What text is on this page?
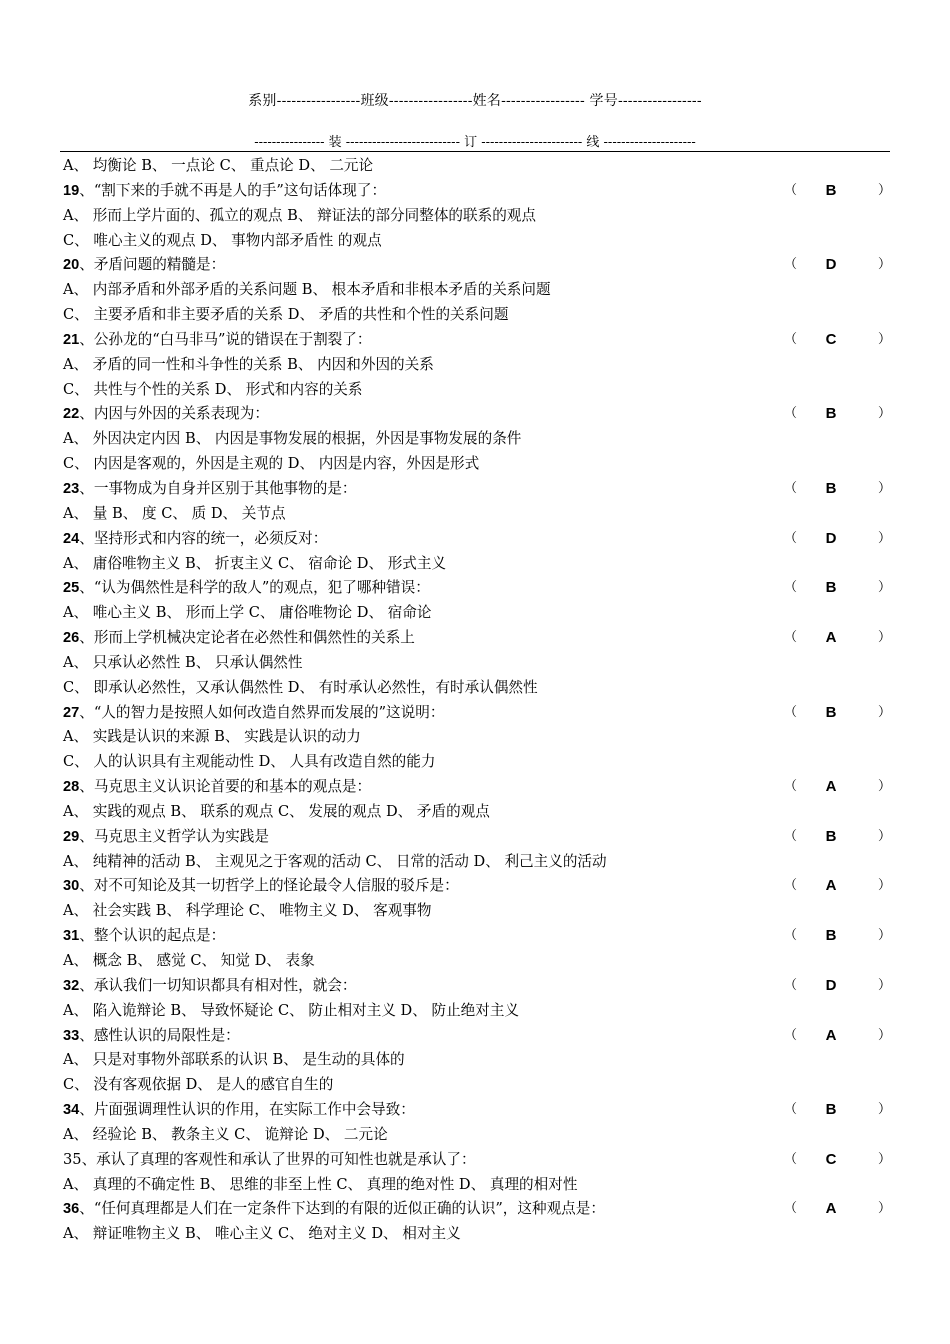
系别-----------------班级-----------------姓名----------------- 学号-----------------
---------------- 装 -------------------------- 订 ----------------------- 线 ---------------------
A、 均衡论 B、 一点论 C、 重点论 D、 二元论
19、“割下来的手就不再是人的手”这句话体现了：	（ B	）
A、 形而上学片面的、孤立的观点 B、 辩证法的部分同整体的联系的观点
C、 唯心主义的观点 D、 事物内部矛盾性 的观点
20、矛盾问题的精髓是：	（ D	）
A、 内部矛盾和外部矛盾的关系问题 B、 根本矛盾和非根本矛盾的关系问题
C、 主要矛盾和非主要矛盾的关系 D、 矛盾的共性和个性的关系问题
21、公孙龙的“白马非马”说的错误在于割裂了：	（ C	）
A、 矛盾的同一性和斗争性的关系 B、 内因和外因的关系
C、 共性与个性的关系 D、 形式和内容的关系
22、内因与外因的关系表现为：	（ B	）
A、 外因决定内因 B、 内因是事物发展的根据，外因是事物发展的条件
C、 内因是客观的，外因是主观的 D、 内因是内容，外因是形式
23、一事物成为自身并区别于其他事物的是：	（ B	）
A、 量 B、 度 C、 质 D、 关节点
24、坚持形式和内容的统一，必须反对：	（ D	）
A、 庸俗唯物主义 B、 折衷主义 C、 宿命论 D、 形式主义
25、“认为偶然性是科学的敌人”的观点，犯了哪种错误：	（ B	）
A、 唯心主义 B、 形而上学 C、 庸俗唯物论 D、 宿命论
26、形而上学机械决定论者在必然性和偶然性的关系上	（ A	）
A、 只承认必然性 B、 只承认偶然性
C、 即承认必然性，又承认偶然性 D、 有时承认必然性，有时承认偶然性
27、“人的智力是按照人如何改造自然界而发展的”这说明：	（ B	）
A、 实践是认识的来源 B、 实践是认识的动力
C、 人的认识具有主观能动性 D、 人具有改造自然的能力
28、马克思主义认识论首要的和基本的观点是：	（ A	）
A、 实践的观点 B、 联系的观点 C、 发展的观点 D、 矛盾的观点
29、马克思主义哲学认为实践是	（ B	）
A、 纯精神的活动 B、 主观见之于客观的活动 C、 日常的活动 D、 利己主义的活动
30、对不可知论及其一切哲学上的怪论最令人信服的驳斥是：	（ A	）
A、 社会实践 B、 科学理论 C、 唯物主义 D、 客观事物
31、整个认识的起点是：	（ B	）
A、 概念 B、 感觉 C、 知觉 D、 表象
32、承认我们一切知识都具有相对性，就会：	（ D	）
A、 陷入诡辩论 B、 导致怀疑论 C、 防止相对主义 D、 防止绝对主义
33、感性认识的局限性是：	（ A	）
A、 只是对事物外部联系的认识 B、 是生动的具体的
C、 没有客观依据 D、 是人的感官自生的
34、片面强调理性认识的作用，在实际工作中会导致：	（ B	）
A、 经验论 B、 教条主义 C、 诡辩论 D、 二元论
35、承认了真理的客观性和承认了世界的可知性也就是承认了：	（ C	）
A、 真理的不确定性 B、 思维的非至上性 C、 真理的绝对性 D、 真理的相对性
36、“任何真理都是人们在一定条件下达到的有限的近似正确的认识”，这种观点是：	（ A	）
A、 辩证唯物主义 B、 唯心主义 C、 绝对主义 D、 相对主义
